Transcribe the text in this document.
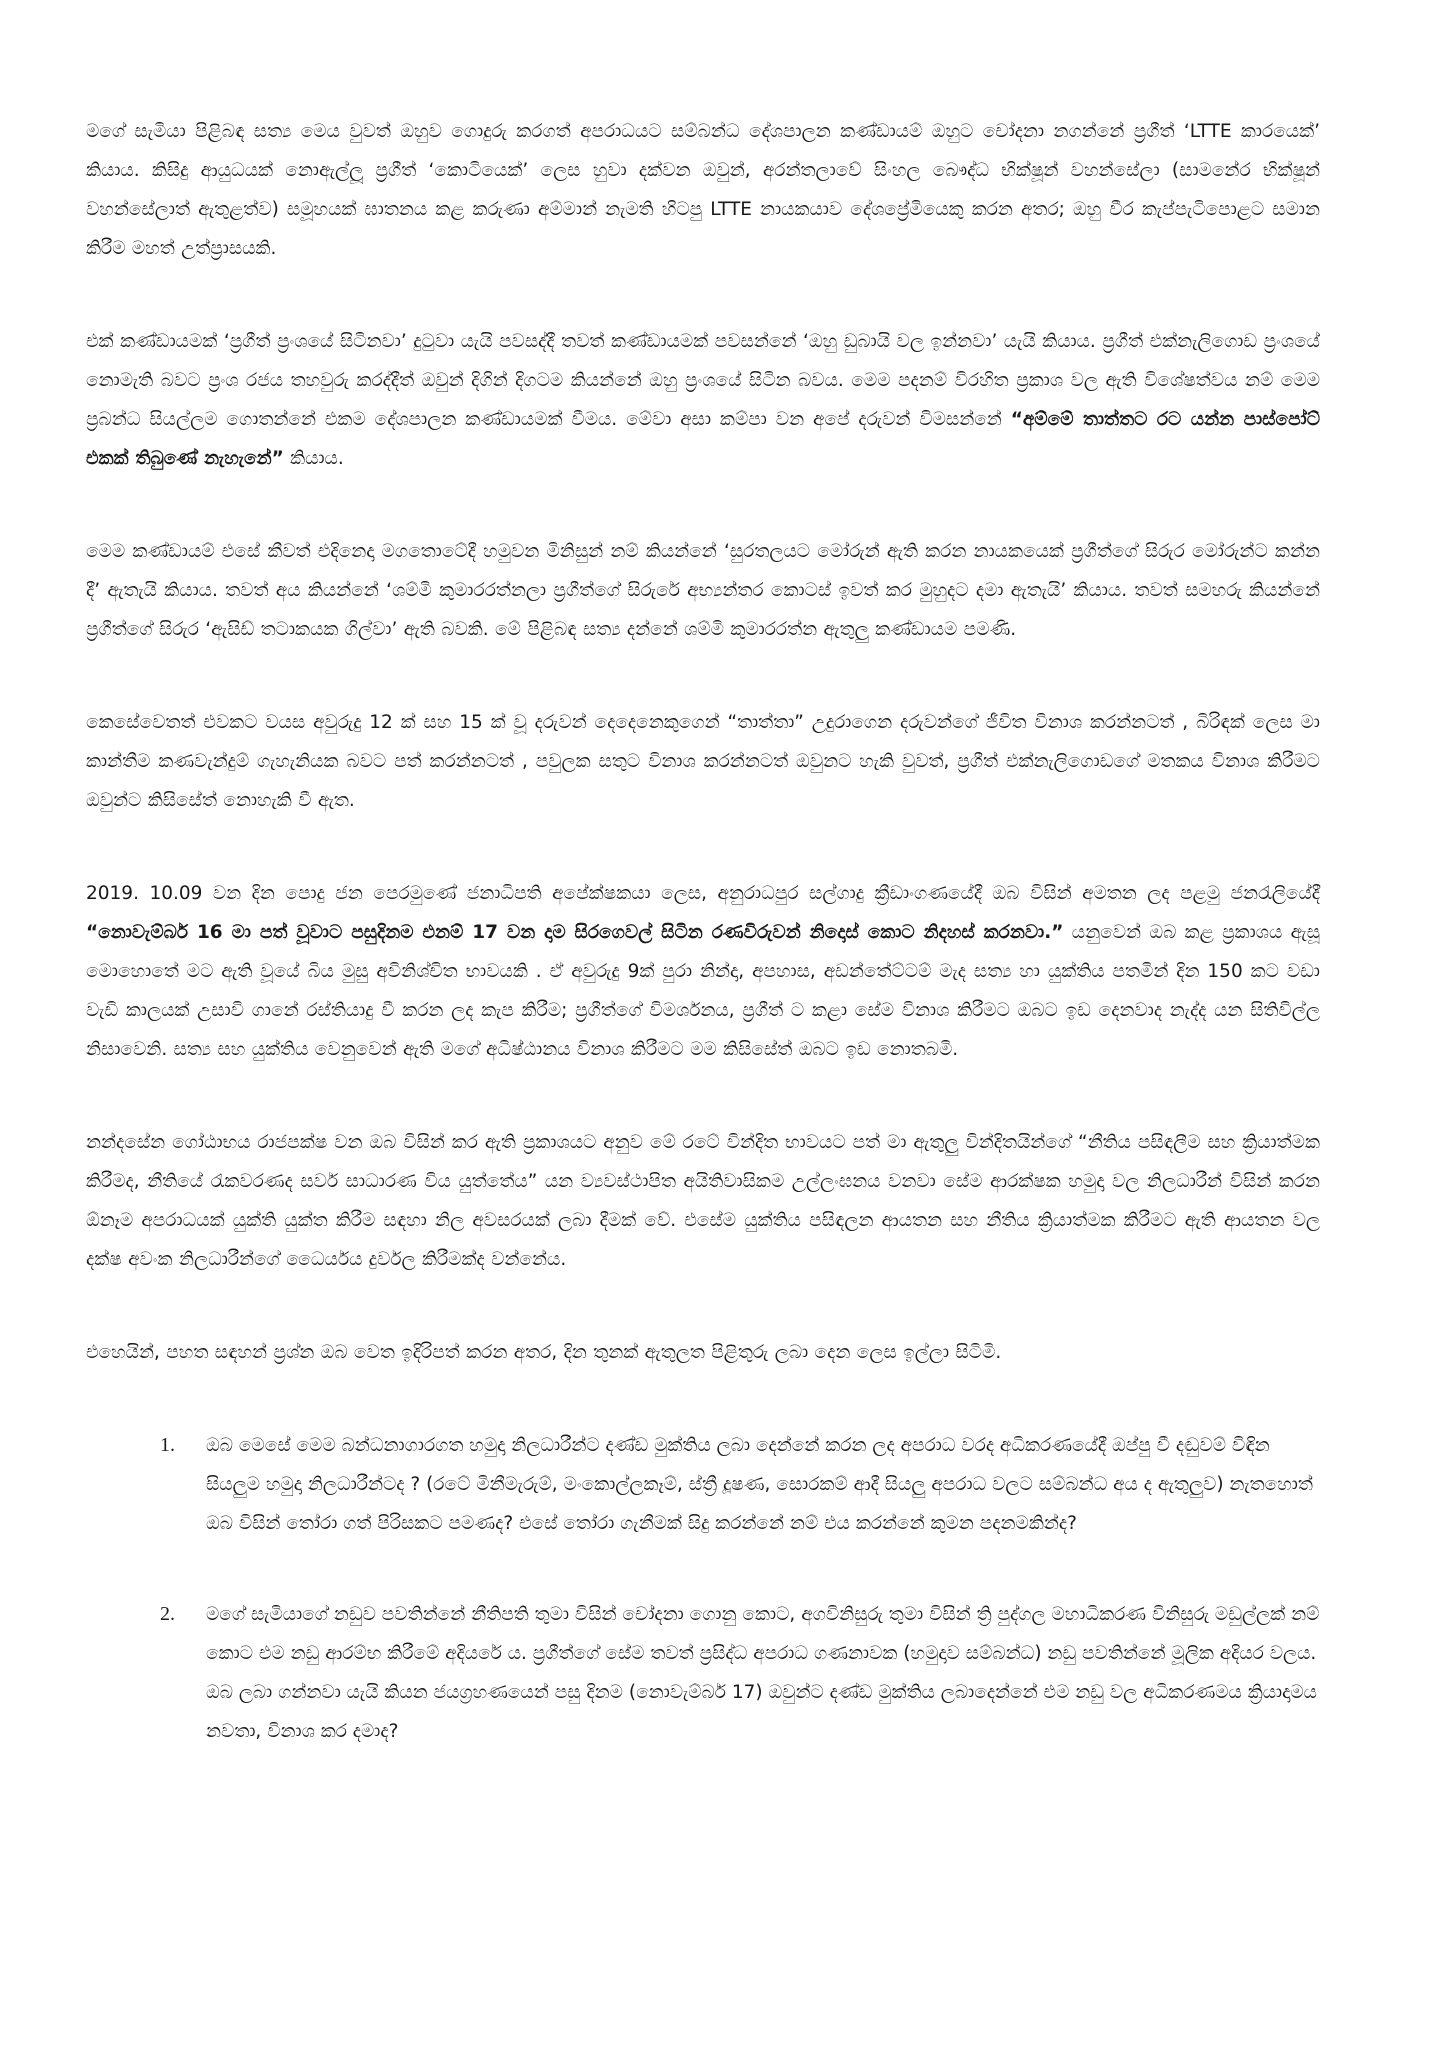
මගේ සැමියා පිළිබඳ සත්‍ය මෙය වුවත් ඔහුව ගොදුරු කරගත් අපරාධයට සම්බන්ධ දේශපාලන කණ්ඩායම් ඔහුට චෝදනා නගන්නේ ප්‍රගීත් ‘LTTE කාරයෙක්’ කියාය. කිසිදු ආයුධයක් නොඇල්ලූ ප්‍රගීත් ‘කොටියෙක්’ ලෙස හුවා දක්වන ඔවුන්, අරන්තලාවේ සිංහල බෞද්ධ භික්ෂූන් වහන්සේලා (සාමනේර භික්ෂූන් වහන්සේලාත් ඇතුළත්ව) සමූහයක් ඝාතනය කළ කරුණා අම්මාන් නැමති හිටපු LTTE නායකයාව දේශප්‍රේමියෙකු කරන අතර; ඔහු වීර කැප්පැටිපොළට සමාන කිරීම මහත් උත්ප්‍රාසයකි.

එක් කණ්ඩායමක් ‘ප්‍රගීත් ප්‍රංශයේ සිටිනවා’ දුටුවා යැයි පවසද්දී තවත් කණ්ඩායමක් පවසන්නේ ‘ඔහු ඩුබායි වල ඉන්නවා’ යැයි කියාය. ප්‍රගීත් එක්නැලිගොඩ ප්‍රංශයේ නොමැති බවට ප්‍රංශ රජය තහවුරු කරද්දීත් ඔවුන් දිගින් දිගටම කියන්නේ ඔහු ප්‍රංශයේ සිටින බවය. මෙම පදනම් විරහිත ප්‍රකාශ වල ඇති විශේෂත්වය නම් මෙම ප්‍රබන්ධ සියල්ලම ගොතන්නේ එකම දේශපාලන කණ්ඩායමක් වීමය. මේවා අසා කම්පා වන අපේ දරුවන් විමසන්නේ “අම්මේ තාත්තට රට යන්න පාස්පෝට් එකක් තිබුණේ නැහැනේ” කියාය.

මෙම කණ්ඩායම් එසේ කීවත් එදිනෙදා මගතොටේදී හමුවන මිනිසුන් නම් කියන්නේ ‘සුරතලයට මෝරුන් ඇති කරන නායකයෙක් ප්‍රගීත්ගේ සිරුර මෝරුන්ට කන්න දී’ ඇතැයි කියාය. තවත් අය කියන්නේ ‘ශම්මි කුමාරරත්නලා ප්‍රගීත්ගේ සිරුරේ අභ්‍යන්තර කොටස් ඉවත් කර මුහුදට දමා ඇතැයි’ කියාය. තවත් සමහරු කියන්නේ ප්‍රගීත්ගේ සිරුර ‘ඇසිඩ් තටාකයක ගිල්වා’ ඇති බවකි. මේ පිළිබඳ සත්‍ය දන්නේ ශම්මි කුමාරරත්න ඇතුලු කණ්ඩායම පමණි.

කෙසේවෙතත් එවකට වයස අවුරුදු 12 ක් සහ 15 ක් වූ දරුවන් දෙදෙනෙකුගෙන් “තාත්තා” උදුරාගෙන දරුවන්ගේ ජීවිත විනාශ කරන්නටත් , බිරිඳක් ලෙස මා කාන්තීම කණවැන්දුම් ගැහැනියක බවට පත් කරන්නටත් , පවුලක සතුට විනාශ කරන්නටත් ඔවුනට හැකි වුවත්, ප්‍රගීත් එක්නැලිගොඩගේ මතකය විනාශ කිරීමට ඔවුන්ට කිසිසේත් නොහැකි වී ඇත.

2019. 10.09 වන දින පොදු ජන පෙරමුණේ ජනාධිපති අපේක්ෂකයා ලෙස, අනුරාධපුර සල්ගාදු ක්‍රීඩාංගණයේදී ඔබ විසින් අමතන ලද පළමු ජනරැලියේදී “නොවැම්බර් 16 මා පත් වූවාට පසුදිනම එනම් 17 වන දාම සිරගෙවල් සිටින රණවිරුවන් නිදොස් කොට නිදහස් කරනවා.” යනුවෙන් ඔබ කළ ප්‍රකාශය ඇසූ මොහොතේ මට ඇති වූයේ බිය මුසු අවිනිශ්චිත භාවයකි . ඒ අවුරුදු 9ක් පුරා නින්දා, අපහාස, අඩන්තේට්ටම් මැද සත්‍ය හා යුක්තිය පතමින් දින 150 කට වඩා වැඩි කාලයක් උසාවි ගානේ රස්තියාදු වී කරන ලද කැප කිරීම; ප්‍රගීත්ගේ විමර්ශනය, ප්‍රගීත් ට කළා සේම විනාශ කිරීමට ඔබට ඉඩ දෙනවාද නැද්ද යන සිතිවිල්ල නිසාවෙනි. සත්‍ය සහ යුක්තිය වෙනුවෙන් ඇති මගේ අධිෂ්ඨානය විනාශ කිරීමට මම කිසිසේත් ඔබට ඉඩ නොතබමි.

නන්දසේන ගෝඨාභය රාජපක්ෂ වන ඔබ විසින් කර ඇති ප්‍රකාශයට අනුව මේ රටේ වින්දිත භාවයට පත් මා ඇතුලු වින්දිතයින්ගේ “නීතිය පසිඳලීම සහ ක්‍රියාත්මක කිරීමද, නීතියේ රැකවරණද සර්ව සාධාරණ විය යුත්තේය” යන ව්‍යවස්ථාපිත අයිතිවාසිකම උල්ලංඝනය වනවා සේම ආරක්ෂක හමුදා වල නිලධාරීන් විසින් කරන ඕනෑම අපරාධයක් යුක්ති යුක්ත කිරීම සඳහා නිල අවසරයක් ලබා දීමක් වේ. එසේම යුක්තිය පසිඳලන ආයතන සහ නීතිය ක්‍රියාත්මක කිරීමට ඇති ආයතන වල දක්ෂ අවංක නිලධාරීන්ගේ ධෛර්යය දුර්වල කිරීමක්ද වන්නේය.

එහෙයින්, පහත සඳහන් ප්‍රශ්න ඔබ වෙත ඉදිරිපත් කරන අතර, දින තුනක් ඇතුලත පිළිතුරු ලබා දෙන ලෙස ඉල්ලා සිටිමි.

1. ඔබ මෙසේ මෙම බන්ධනාගාරගත හමුදා නිලධාරීන්ට දණ්ඩ මුක්තිය ලබා දෙන්නේ කරන ලද අපරාධ වරද අධිකරණයේදී ඔප්පු වී දඬුවම් විඳින සියලුම හමුදා නිලධාරීන්ටද ? (රටේ මිනීමැරුම්, මංකොල්ලකෑම්, ස්ත්‍රී දූෂණ, සොරකම් ආදී සියලු අපරාධ වලට සම්බන්ධ අය ද ඇතුලුව) නැතහොත් ඔබ විසින් තෝරා ගත් පිරිසකට පමණද? එසේ තෝරා ගැනීමක් සිදු කරන්නේ නම් එය කරන්නේ කුමන පදනමකින්ද?
2. මගේ සැමියාගේ නඩුව පවතින්නේ නීතිපති තුමා විසින් චෝදනා ගොනු කොට, අගවිනිසුරු තුමා විසින් ත්‍රි පුද්ගල මහාධිකරණ විනිසුරු මඩුල්ලක් නම් කොට එම නඩු ආරම්භ කිරීමේ අදියරේ ය. ප්‍රගීත්ගේ සේම තවත් ප්‍රසිද්ධ අපරාධ ගණනාවක (හමුදාව සම්බන්ධ) නඩු පවතින්නේ මූලික අදියර වලය. ඔබ ලබා ගන්නවා යැයි කියන ජයග්‍රහණයෙන් පසු දිනම (නොවැම්බර් 17) ඔවුන්ට දණ්ඩ මුක්තිය ලබාදෙන්නේ එම නඩු වල අධිකරණමය ක්‍රියාදාමය නවතා, විනාශ කර දමාද?
